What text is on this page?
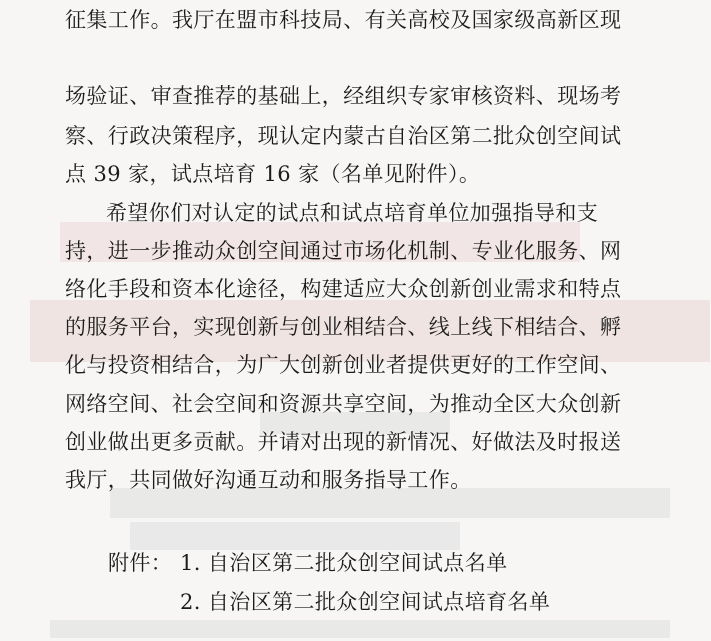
征集工作。我厅在盟市科技局、有关高校及国家级高新区现
场验证、审查推荐的基础上，经组织专家审核资料、现场考
察、行政决策程序，现认定内蒙古自治区第二批众创空间试
点 39 家，试点培育 16 家（名单见附件）。
希望你们对认定的试点和试点培育单位加强指导和支
持，进一步推动众创空间通过市场化机制、专业化服务、网
络化手段和资本化途径，构建适应大众创新创业需求和特点
的服务平台，实现创新与创业相结合、线上线下相结合、孵
化与投资相结合，为广大创新创业者提供更好的工作空间、
网络空间、社会空间和资源共享空间，为推动全区大众创新
创业做出更多贡献。并请对出现的新情况、好做法及时报送
我厅，共同做好沟通互动和服务指导工作。
附件： 1. 自治区第二批众创空间试点名单
2. 自治区第二批众创空间试点培育名单
